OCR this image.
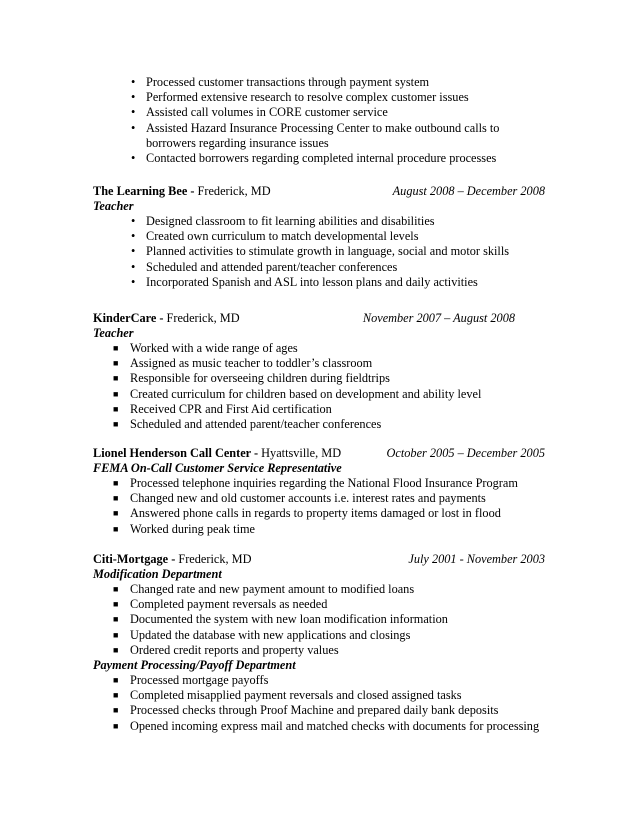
• Processed customer transactions through payment system
• Performed extensive research to resolve complex customer issues
• Assisted call volumes in CORE customer service
• Assisted Hazard Insurance Processing Center to make outbound calls to borrowers regarding insurance issues
• Contacted borrowers regarding completed internal procedure processes
The Learning Bee - Frederick, MD	August 2008 – December 2008
Teacher
• Designed classroom to fit learning abilities and disabilities
• Created own curriculum to match developmental levels
• Planned activities to stimulate growth in language, social and motor skills
• Scheduled and attended parent/teacher conferences
• Incorporated Spanish and ASL into lesson plans and daily activities
KinderCare - Frederick, MD	November 2007 – August 2008
Teacher
■ Worked with a wide range of ages
■ Assigned as music teacher to toddler’s classroom
■ Responsible for overseeing children during fieldtrips
■ Created curriculum for children based on development and ability level
■ Received CPR and First Aid certification
■ Scheduled and attended parent/teacher conferences
Lionel Henderson Call Center - Hyattsville, MD	October 2005 – December 2005
FEMA On-Call Customer Service Representative
■ Processed telephone inquiries regarding the National Flood Insurance Program
■ Changed new and old customer accounts i.e. interest rates and payments
■ Answered phone calls in regards to property items damaged or lost in flood
■ Worked during peak time
Citi-Mortgage - Frederick, MD	July 2001 - November 2003
Modification Department
■ Changed rate and new payment amount to modified loans
■ Completed payment reversals as needed
■ Documented the system with new loan modification information
■ Updated the database with new applications and closings
■ Ordered credit reports and property values
Payment Processing/Payoff Department
■ Processed mortgage payoffs
■ Completed misapplied payment reversals and closed assigned tasks
■ Processed checks through Proof Machine and prepared daily bank deposits
■ Opened incoming express mail and matched checks with documents for processing
